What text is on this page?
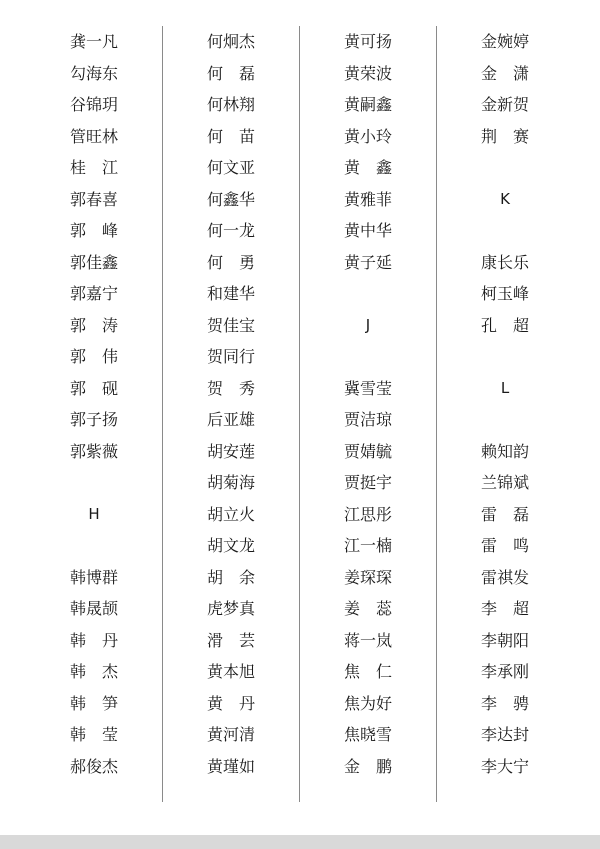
龚一凡
勾海东
谷锦玥
管旺林
桂　江
郭春喜
郭　峰
郭佳鑫
郭嘉宁
郭　涛
郭　伟
郭　砚
郭子扬
郭紫薇
H
韩博群
韩晟颉
韩　丹
韩　杰
韩　笋
韩　莹
郝俊杰
何炯杰
何　磊
何林翔
何　苗
何文亚
何鑫华
何一龙
何　勇
和建华
贺佳宝
贺同行
贺　秀
后亚雄
胡安莲
胡菊海
胡立火
胡文龙
胡　余
虎梦真
滑　芸
黄本旭
黄　丹
黄河清
黄瑾如
黄可扬
黄荣波
黄嗣鑫
黄小玲
黄　鑫
黄雅菲
黄中华
黄子延
J
冀雪莹
贾洁琼
贾婧毓
贾挺宇
江思彤
江一楠
姜琛琛
姜　蕊
蒋一岚
焦　仁
焦为好
焦晓雪
金　鹏
金婉婷
金　潇
金新贺
荆　赛
K
康长乐
柯玉峰
孔　超
L
赖知韵
兰锦斌
雷　磊
雷　鸣
雷祺发
李　超
李朝阳
李承刚
李　骋
李达封
李大宁
